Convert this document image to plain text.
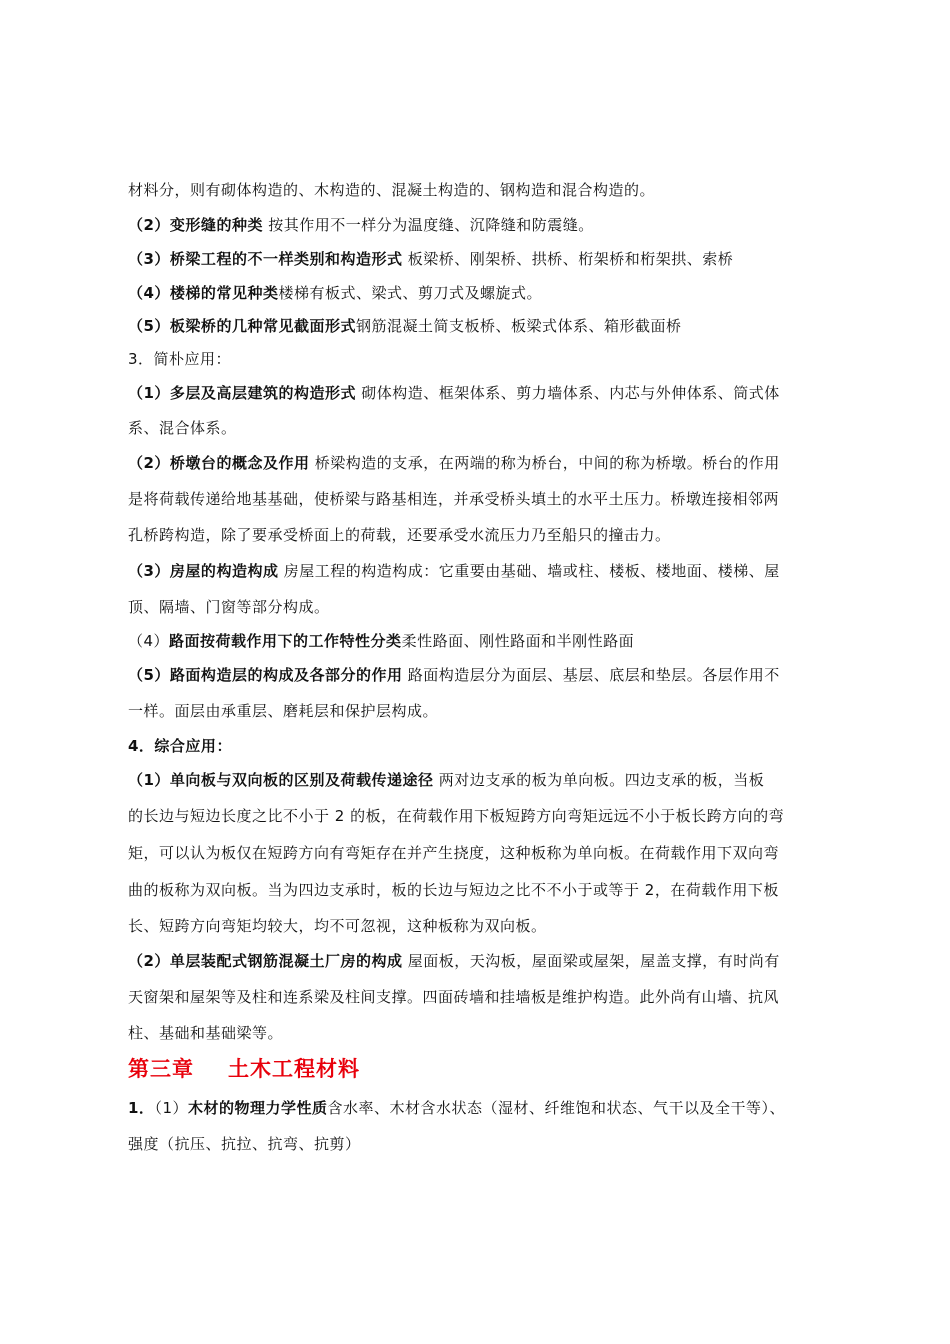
材料分，则有砌体构造的、木构造的、混凝土构造的、钢构造和混合构造的。
（2）变形缝的种类 按其作用不一样分为温度缝、沉降缝和防震缝。
（3）桥梁工程的不一样类别和构造形式 板梁桥、刚架桥、拱桥、桁架桥和桁架拱、索桥
（4）楼梯的常见种类楼梯有板式、梁式、剪刀式及螺旋式。
（5）板梁桥的几种常见截面形式钢筋混凝土简支板桥、板梁式体系、箱形截面桥
3．简朴应用：
（1）多层及高层建筑的构造形式 砌体构造、框架体系、剪力墙体系、内芯与外伸体系、筒式体
系、混合体系。
（2）桥墩台的概念及作用 桥梁构造的支承，在两端的称为桥台，中间的称为桥墩。桥台的作用
是将荷载传递给地基基础，使桥梁与路基相连，并承受桥头填土的水平土压力。桥墩连接相邻两
孔桥跨构造，除了要承受桥面上的荷载，还要承受水流压力乃至船只的撞击力。
（3）房屋的构造构成 房屋工程的构造构成：它重要由基础、墙或柱、楼板、楼地面、楼梯、屋
顶、隔墙、门窗等部分构成。
（4）路面按荷载作用下的工作特性分类柔性路面、刚性路面和半刚性路面
（5）路面构造层的构成及各部分的作用 路面构造层分为面层、基层、底层和垫层。各层作用不
一样。面层由承重层、磨耗层和保护层构成。
4．综合应用：
（1）单向板与双向板的区别及荷载传递途径 两对边支承的板为单向板。四边支承的板，当板
的长边与短边长度之比不小于 2 的板，在荷载作用下板短跨方向弯矩远远不小于板长跨方向的弯
矩，可以认为板仅在短跨方向有弯矩存在并产生挠度，这种板称为单向板。在荷载作用下双向弯
曲的板称为双向板。当为四边支承时，板的长边与短边之比不不小于或等于 2，在荷载作用下板
长、短跨方向弯矩均较大，均不可忽视，这种板称为双向板。
（2）单层装配式钢筋混凝土厂房的构成 屋面板，天沟板，屋面梁或屋架，屋盖支撑，有时尚有
天窗架和屋架等及柱和连系梁及柱间支撑。四面砖墙和挂墙板是维护构造。此外尚有山墙、抗风
柱、基础和基础梁等。
第三章 土木工程材料
1．（1）木材的物理力学性质含水率、木材含水状态（湿材、纤维饱和状态、气干以及全干等）、
强度（抗压、抗拉、抗弯、抗剪）
